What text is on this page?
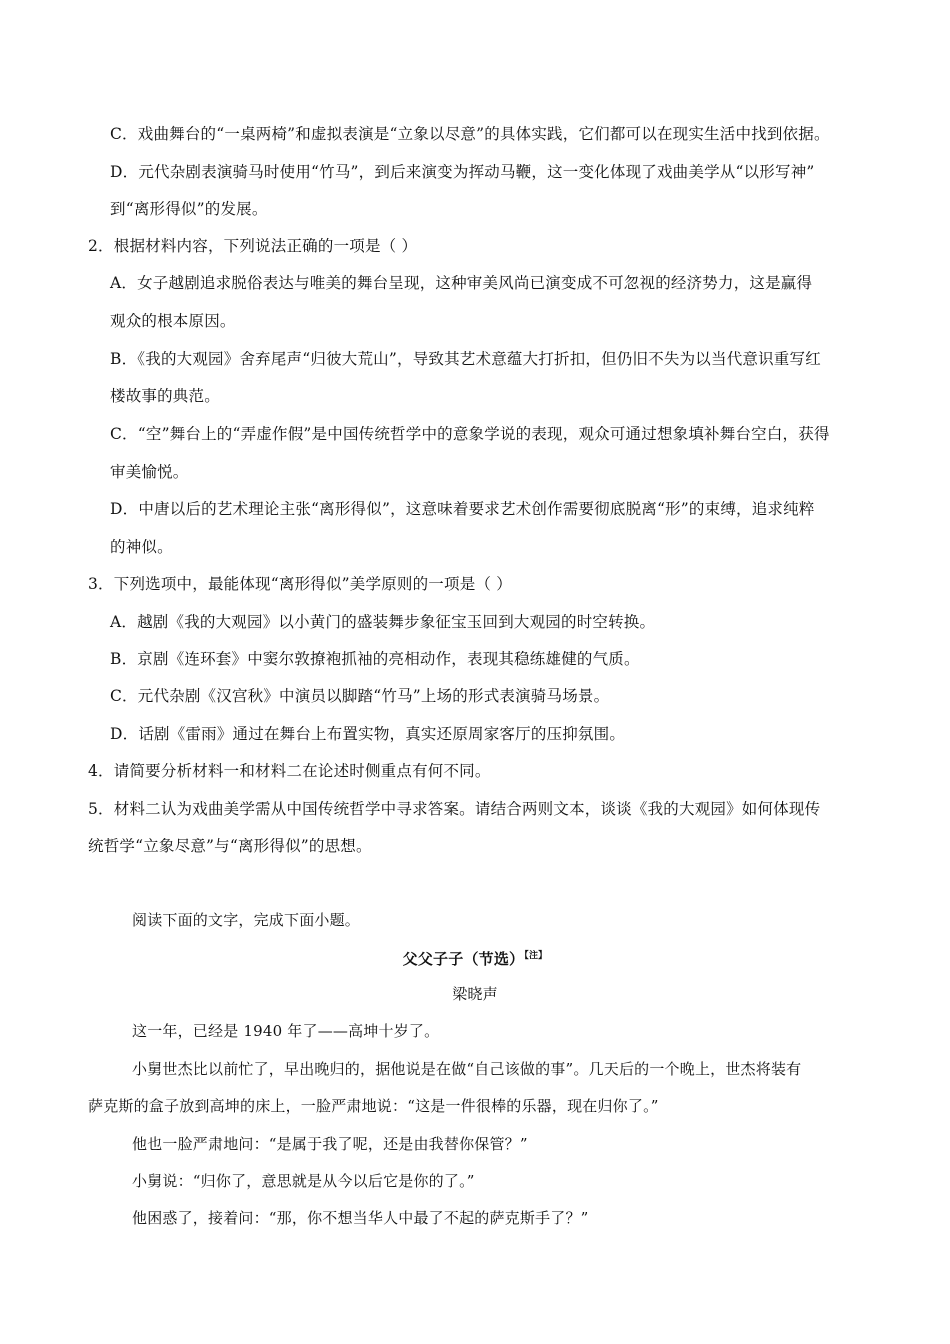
C．戏曲舞台的“一桌两椅”和虚拟表演是“立象以尽意”的具体实践，它们都可以在现实生活中找到依据。
D．元代杂剧表演骑马时使用“竹马”，到后来演变为挥动马鞭，这一变化体现了戏曲美学从“以形写神”
到“离形得似”的发展。
2．根据材料内容，下列说法正确的一项是（ ）
A．女子越剧追求脱俗表达与唯美的舞台呈现，这种审美风尚已演变成不可忽视的经济势力，这是赢得
观众的根本原因。
B．《我的大观园》舍弃尾声“归彼大荒山”，导致其艺术意蕴大打折扣，但仍旧不失为以当代意识重写红
楼故事的典范。
C．“空”舞台上的“弄虚作假”是中国传统哲学中的意象学说的表现，观众可通过想象填补舞台空白，获得
审美愉悦。
D．中唐以后的艺术理论主张“离形得似”，这意味着要求艺术创作需要彻底脱离“形”的束缚，追求纯粹
的神似。
3．下列选项中，最能体现“离形得似”美学原则的一项是（ ）
A．越剧《我的大观园》以小黄门的盛装舞步象征宝玉回到大观园的时空转换。
B．京剧《连环套》中窦尔敦撩袍抓袖的亮相动作，表现其稳练雄健的气质。
C．元代杂剧《汉宫秋》中演员以脚踏“竹马”上场的形式表演骑马场景。
D．话剧《雷雨》通过在舞台上布置实物，真实还原周家客厅的压抑氛围。
4．请简要分析材料一和材料二在论述时侧重点有何不同。
5．材料二认为戏曲美学需从中国传统哲学中寻求答案。请结合两则文本，谈谈《我的大观园》如何体现传
统哲学“立象尽意”与“离形得似”的思想。
阅读下面的文字，完成下面小题。
父父子子（节选）$^{【注】}$
梁晓声
这一年，已经是 1940 年了——高坤十岁了。
小舅世杰比以前忙了，早出晚归的，据他说是在做“自己该做的事”。几天后的一个晚上，世杰将装有
萨克斯的盒子放到高坤的床上，一脸严肃地说：“这是一件很棒的乐器，现在归你了。”
他也一脸严肃地问：“是属于我了呢，还是由我替你保管？”
小舅说：“归你了，意思就是从今以后它是你的了。”
他困惑了，接着问：“那，你不想当华人中最了不起的萨克斯手了？”
